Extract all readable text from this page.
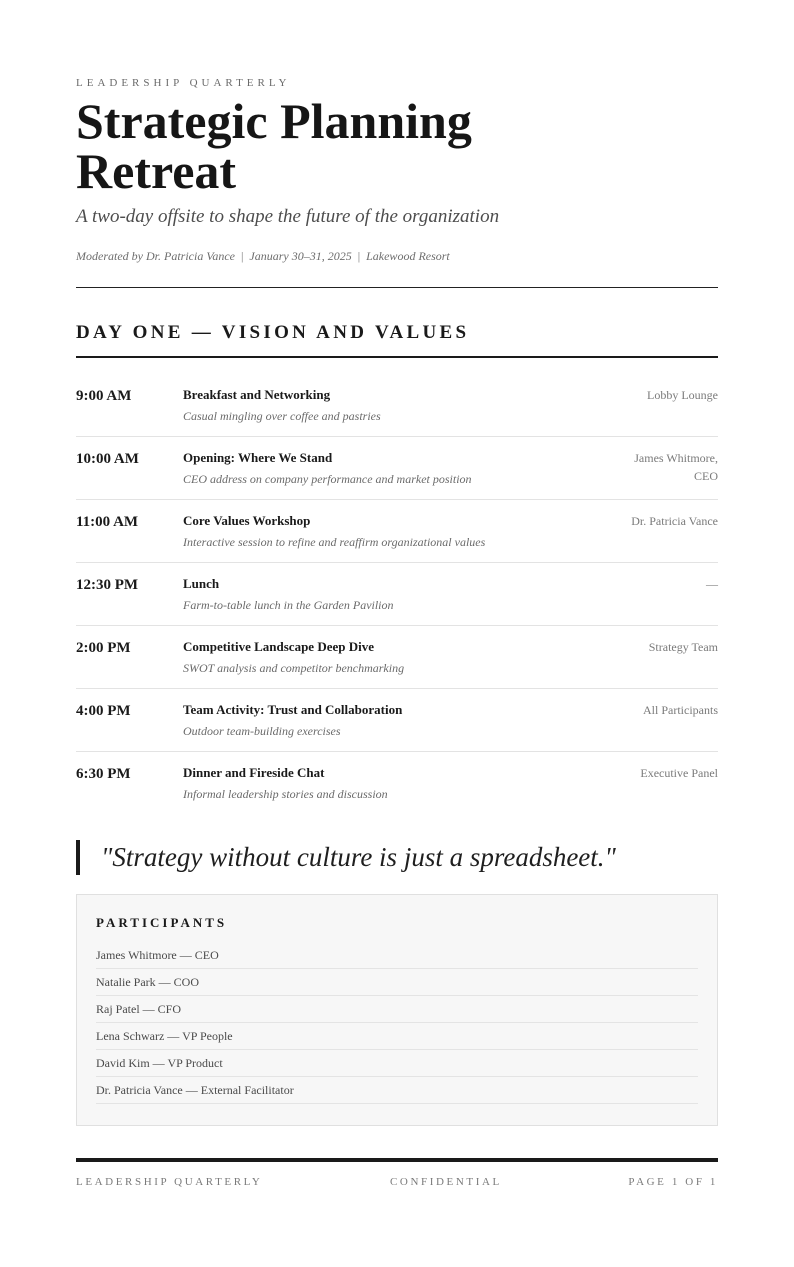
LEADERSHIP QUARTERLY
Strategic Planning Retreat
A two-day offsite to shape the future of the organization
Moderated by Dr. Patricia Vance | January 30–31, 2025 | Lakewood Resort
DAY ONE — VISION AND VALUES
9:00 AM	Breakfast and Networking
Casual mingling over coffee and pastries
Lobby Lounge
10:00 AM	Opening: Where We Stand
CEO address on company performance and market position
James Whitmore, CEO
11:00 AM	Core Values Workshop
Interactive session to refine and reaffirm organizational values
Dr. Patricia Vance
12:30 PM	Lunch
Farm-to-table lunch in the Garden Pavilion
—
2:00 PM	Competitive Landscape Deep Dive
SWOT analysis and competitor benchmarking
Strategy Team
4:00 PM	Team Activity: Trust and Collaboration
Outdoor team-building exercises
All Participants
6:30 PM	Dinner and Fireside Chat
Informal leadership stories and discussion
Executive Panel
"Strategy without culture is just a spreadsheet."
PARTICIPANTS
James Whitmore — CEO
Natalie Park — COO
Raj Patel — CFO
Lena Schwarz — VP People
David Kim — VP Product
Dr. Patricia Vance — External Facilitator
LEADERSHIP QUARTERLY	CONFIDENTIAL	PAGE 1 OF 1
